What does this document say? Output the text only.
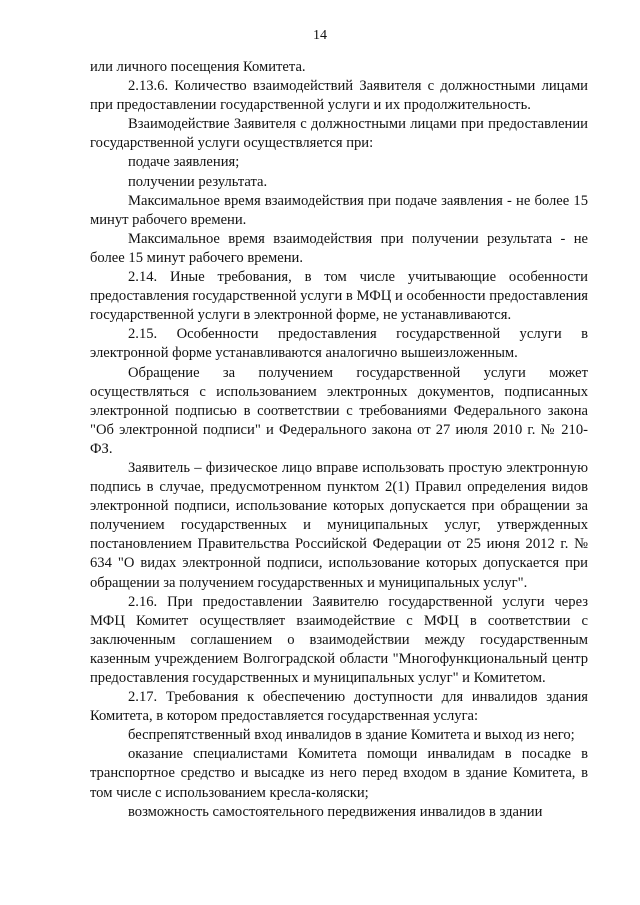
14

или личного посещения Комитета.

2.13.6. Количество взаимодействий Заявителя с должностными лицами при предоставлении государственной услуги и их продолжительность.

Взаимодействие Заявителя с должностными лицами при предоставлении государственной услуги осуществляется при:

подаче заявления;

получении результата.

Максимальное время взаимодействия при подаче заявления - не более 15 минут рабочего времени.

Максимальное время взаимодействия при получении результата - не более 15 минут рабочего времени.

2.14. Иные требования, в том числе учитывающие особенности предоставления государственной услуги в МФЦ и особенности предоставления государственной услуги в электронной форме, не устанавливаются.

2.15. Особенности предоставления государственной услуги в электронной форме устанавливаются аналогично вышеизложенным.

Обращение за получением государственной услуги может осуществляться с использованием электронных документов, подписанных электронной подписью в соответствии с требованиями Федерального закона "Об электронной подписи" и Федерального закона от 27 июля 2010 г. № 210-ФЗ.

Заявитель – физическое лицо вправе использовать простую электронную подпись в случае, предусмотренном пунктом 2(1) Правил определения видов электронной подписи, использование которых допускается при обращении за получением государственных и муниципальных услуг, утвержденных постановлением Правительства Российской Федерации от 25 июня 2012 г. № 634 "О видах электронной подписи, использование которых допускается при обращении за получением государственных и муниципальных услуг".

2.16. При предоставлении Заявителю государственной услуги через МФЦ Комитет осуществляет взаимодействие с МФЦ в соответствии с заключенным соглашением о взаимодействии между государственным казенным учреждением Волгоградской области "Многофункциональный центр предоставления государственных и муниципальных услуг" и Комитетом.

2.17. Требования к обеспечению доступности для инвалидов здания Комитета, в котором предоставляется государственная услуга:

беспрепятственный вход инвалидов в здание Комитета и выход из него;

оказание специалистами Комитета помощи инвалидам в посадке в транспортное средство и высадке из него перед входом в здание Комитета, в том числе с использованием кресла-коляски;

возможность самостоятельного передвижения инвалидов в здании
